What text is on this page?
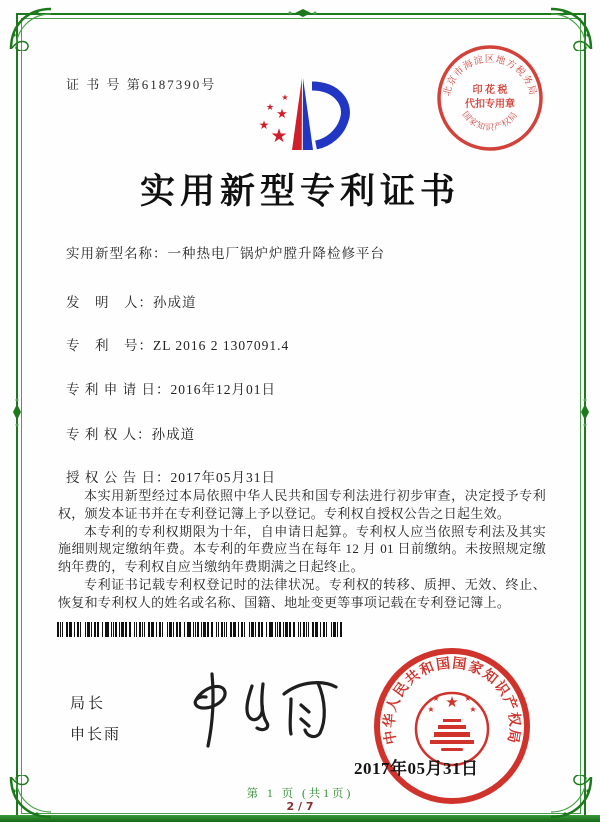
证 书 号 第6187390号
★
★
★
★
★
北京市海淀区地方税务局
国家知识产权局
印 花 税
代扣专用章
实用新型专利证书
实用新型名称：一种热电厂锅炉炉膛升降检修平台
发　明　人：孙成道
专　利　号：ZL 2016 2 1307091.4
专 利 申 请 日：2016年12月01日
专 利 权 人：孙成道
授 权 公 告 日：2017年05月31日

本实用新型经过本局依照中华人民共和国专利法进行初步审查，决定授予专利权，颁发本证书并在专利登记簿上予以登记。专利权自授权公告之日起生效。

本专利的专利权期限为十年，自申请日起算。专利权人应当依照专利法及其实施细则规定缴纳年费。本专利的年费应当在每年 12 月 01 日前缴纳。未按照规定缴纳年费的，专利权自应当缴纳年费期满之日起终止。

专利证书记载专利权登记时的法律状况。专利权的转移、质押、无效、终止、恢复和专利权人的姓名或名称、国籍、地址变更等事项记载在专利登记簿上。

局长
申长雨	中华人民共和国国家知识产权局
★
★	★
★	★
2017年05月31日
第 1 页 (共1页)
2 / 7
